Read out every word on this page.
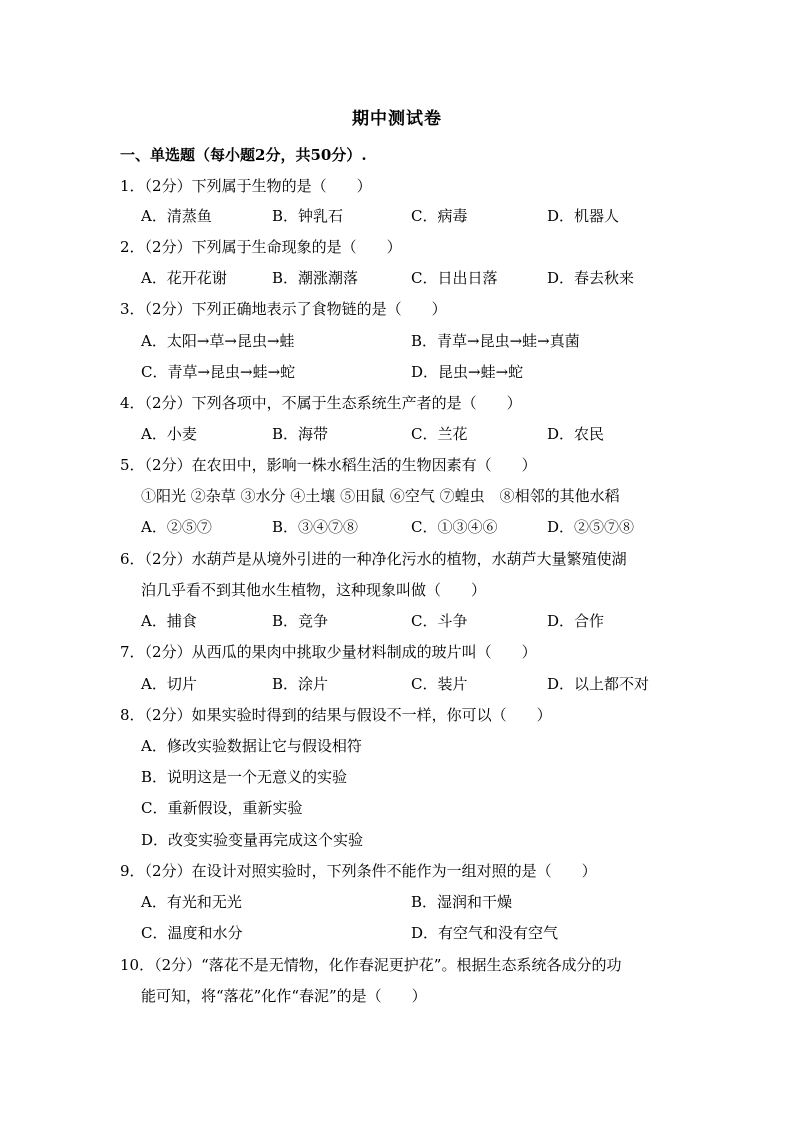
期中测试卷
一、单选题（每小题2分，共50分）.
1．（2分）下列属于生物的是（　　）
A．清蒸鱼	B．钟乳石	C．病毒	D．机器人
2．（2分）下列属于生命现象的是（　　）
A．花开花谢	B．潮涨潮落	C．日出日落	D．春去秋来
3．（2分）下列正确地表示了食物链的是（　　）
A．太阳→草→昆虫→蛙	B．青草→昆虫→蛙→真菌
C．青草→昆虫→蛙→蛇	D．昆虫→蛙→蛇
4．（2分）下列各项中，不属于生态系统生产者的是（　　）
A．小麦	B．海带	C．兰花	D．农民
5．（2分）在农田中，影响一株水稻生活的生物因素有（　　）
①阳光 ②杂草 ③水分 ④土壤 ⑤田鼠 ⑥空气 ⑦蝗虫　⑧相邻的其他水稻
A．②⑤⑦	B．③④⑦⑧	C．①③④⑥	D．②⑤⑦⑧
6．（2分）水葫芦是从境外引进的一种净化污水的植物，水葫芦大量繁殖使湖
泊几乎看不到其他水生植物，这种现象叫做（　　）
A．捕食	B．竞争	C．斗争	D．合作
7．（2分）从西瓜的果肉中挑取少量材料制成的玻片叫（　　）
A．切片	B．涂片	C．装片	D．以上都不对
8．（2分）如果实验时得到的结果与假设不一样，你可以（　　）
A．修改实验数据让它与假设相符
B．说明这是一个无意义的实验
C．重新假设，重新实验
D．改变实验变量再完成这个实验
9．（2分）在设计对照实验时，下列条件不能作为一组对照的是（　　）
A．有光和无光	B．湿润和干燥
C．温度和水分	D．有空气和没有空气
10．（2分）“落花不是无情物，化作春泥更护花”。根据生态系统各成分的功
能可知，将“落花”化作“春泥”的是（　　）
